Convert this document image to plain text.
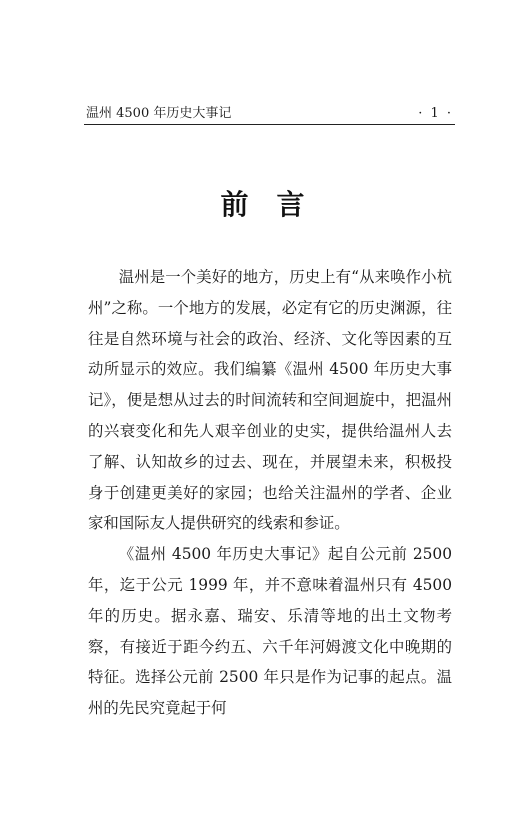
温州 4500 年历史大事记	· 1 ·
前言

温州是一个美好的地方，历史上有“从来唤作小杭州”之称。一个地方的发展，必定有它的历史渊源，往往是自然环境与社会的政治、经济、文化等因素的互动所显示的效应。我们编纂《温州 4500 年历史大事记》，便是想从过去的时间流转和空间迴旋中，把温州的兴衰变化和先人艰辛创业的史实，提供给温州人去了解、认知故乡的过去、现在，并展望未来，积极投身于创建更美好的家园；也给关注温州的学者、企业家和国际友人提供研究的线索和参证。

《温州 4500 年历史大事记》起自公元前 2500 年，迄于公元 1999 年，并不意味着温州只有 4500 年的历史。据永嘉、瑞安、乐清等地的出土文物考察，有接近于距今约五、六千年河姆渡文化中晚期的特征。选择公元前 2500 年只是作为记事的起点。温州的先民究竟起于何
